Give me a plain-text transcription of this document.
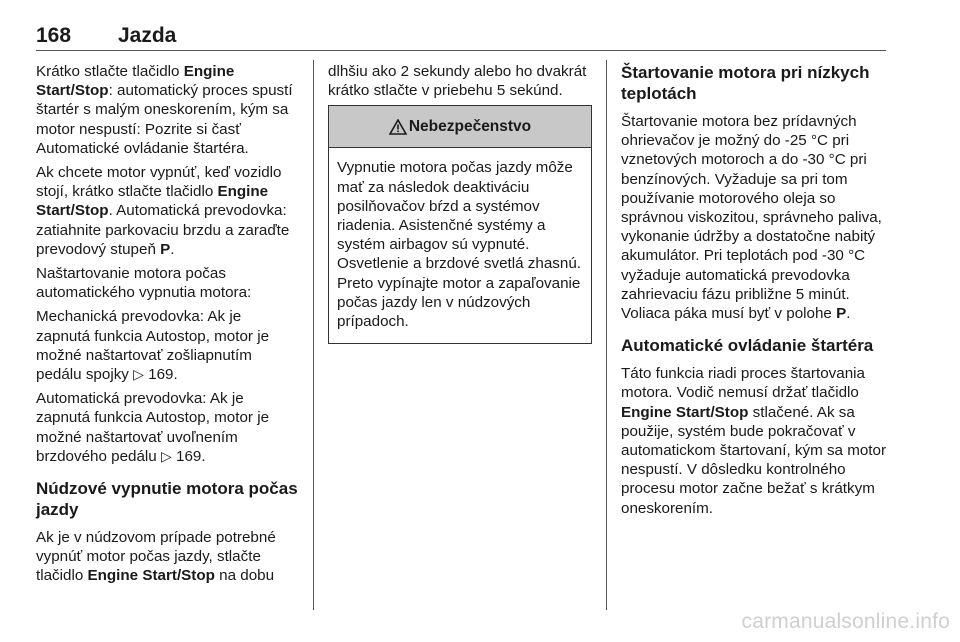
168 Jazda

Krátko stlačte tlačidlo Engine Start/Stop: automatický proces spustí štartér s malým oneskorením, kým sa motor nespustí: Pozrite si časť Automatické ovládanie štartéra.

Ak chcete motor vypnúť, keď vozidlo stojí, krátko stlačte tlačidlo Engine Start/Stop. Automatická prevodovka: zatiahnite parkovaciu brzdu a zaraďte prevodový stupeň P.

Naštartovanie motora počas automatického vypnutia motora:

Mechanická prevodovka: Ak je zapnutá funkcia Autostop, motor je možné naštartovať zošliapnutím pedálu spojky ▷ 169.

Automatická prevodovka: Ak je zapnutá funkcia Autostop, motor je možné naštartovať uvoľnením brzdového pedálu ▷ 169.

Núdzové vypnutie motora počas jazdy

Ak je v núdzovom prípade potrebné vypnúť motor počas jazdy, stlačte tlačidlo Engine Start/Stop na dobu

dlhšiu ako 2 sekundy alebo ho dvakrát krátko stlačte v priebehu 5 sekúnd.

Nebezpečenstvo
Vypnutie motora počas jazdy môže mať za následok deaktiváciu posilňovačov bŕzd a systémov riadenia. Asistenčné systémy a systém airbagov sú vypnuté. Osvetlenie a brzdové svetlá zhasnú. Preto vypínajte motor a zapaľovanie počas jazdy len v núdzových prípadoch.
Štartovanie motora pri nízkych teplotách

Štartovanie motora bez prídavných ohrievačov je možný do -25 °C pri vznetových motoroch a do -30 °C pri benzínových. Vyžaduje sa pri tom používanie motorového oleja so správnou viskozitou, správneho paliva, vykonanie údržby a dostatočne nabitý akumulátor. Pri teplotách pod -30 °C vyžaduje automatická prevodovka zahrievaciu fázu približne 5 minút. Voliaca páka musí byť v polohe P.

Automatické ovládanie štartéra

Táto funkcia riadi proces štartovania motora. Vodič nemusí držať tlačidlo Engine Start/Stop stlačené. Ak sa použije, systém bude pokračovať v automatickom štartovaní, kým sa motor nespustí. V dôsledku kontrolného procesu motor začne bežať s krátkym oneskorením.

carmanualsonline.info
